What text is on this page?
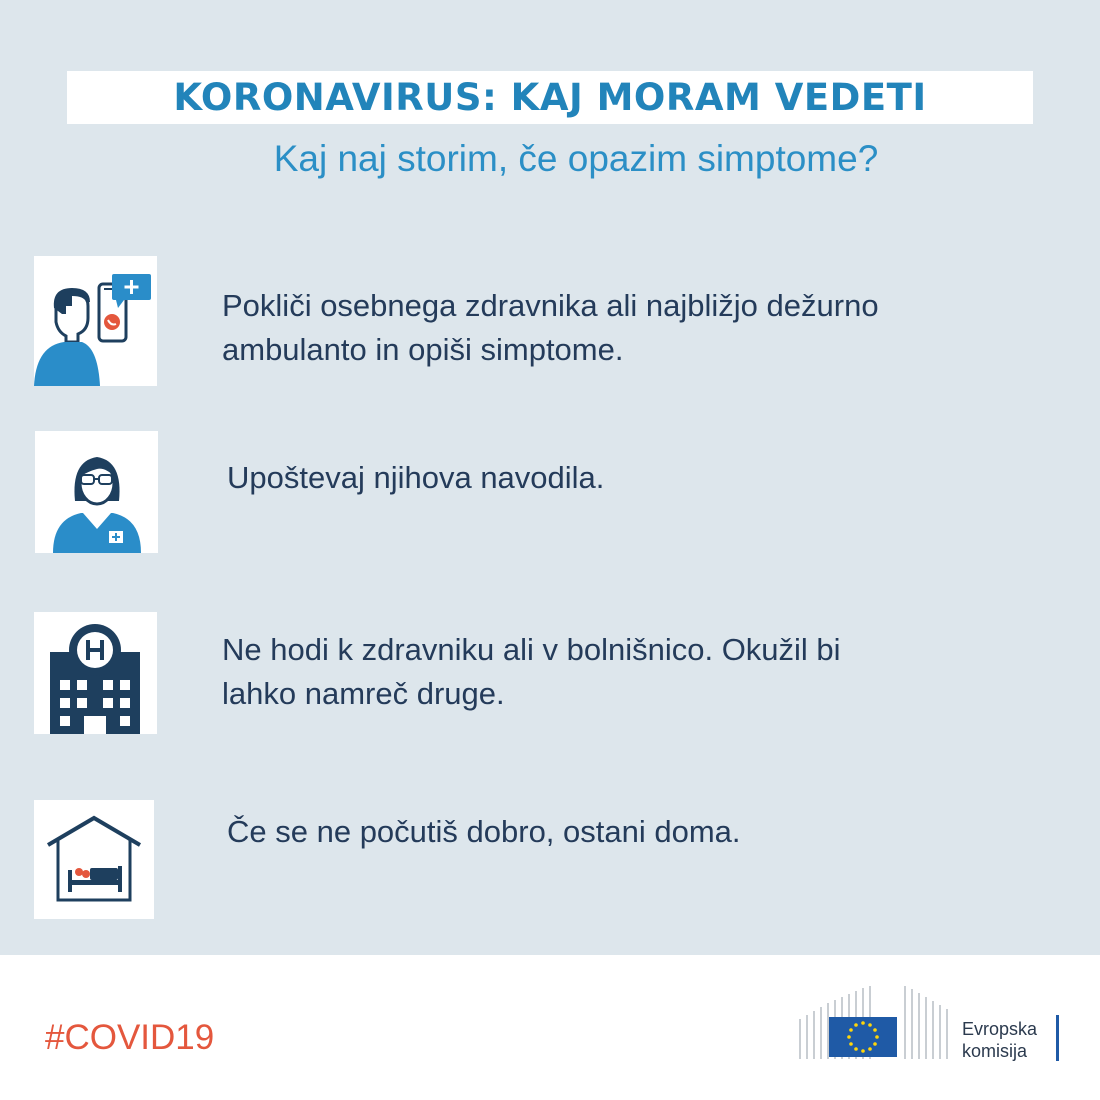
KORONAVIRUS: KAJ MORAM VEDETI
Kaj naj storim, če opazim simptome?
Pokliči osebnega zdravnika ali najbližjo dežurno
ambulanto in opiši simptome.
Upoštevaj njihova navodila.
Ne hodi k zdravniku ali v bolnišnico. Okužil bi
lahko namreč druge.
Če se ne počutiš dobro, ostani doma.
#COVID19	Evropska
komisija
